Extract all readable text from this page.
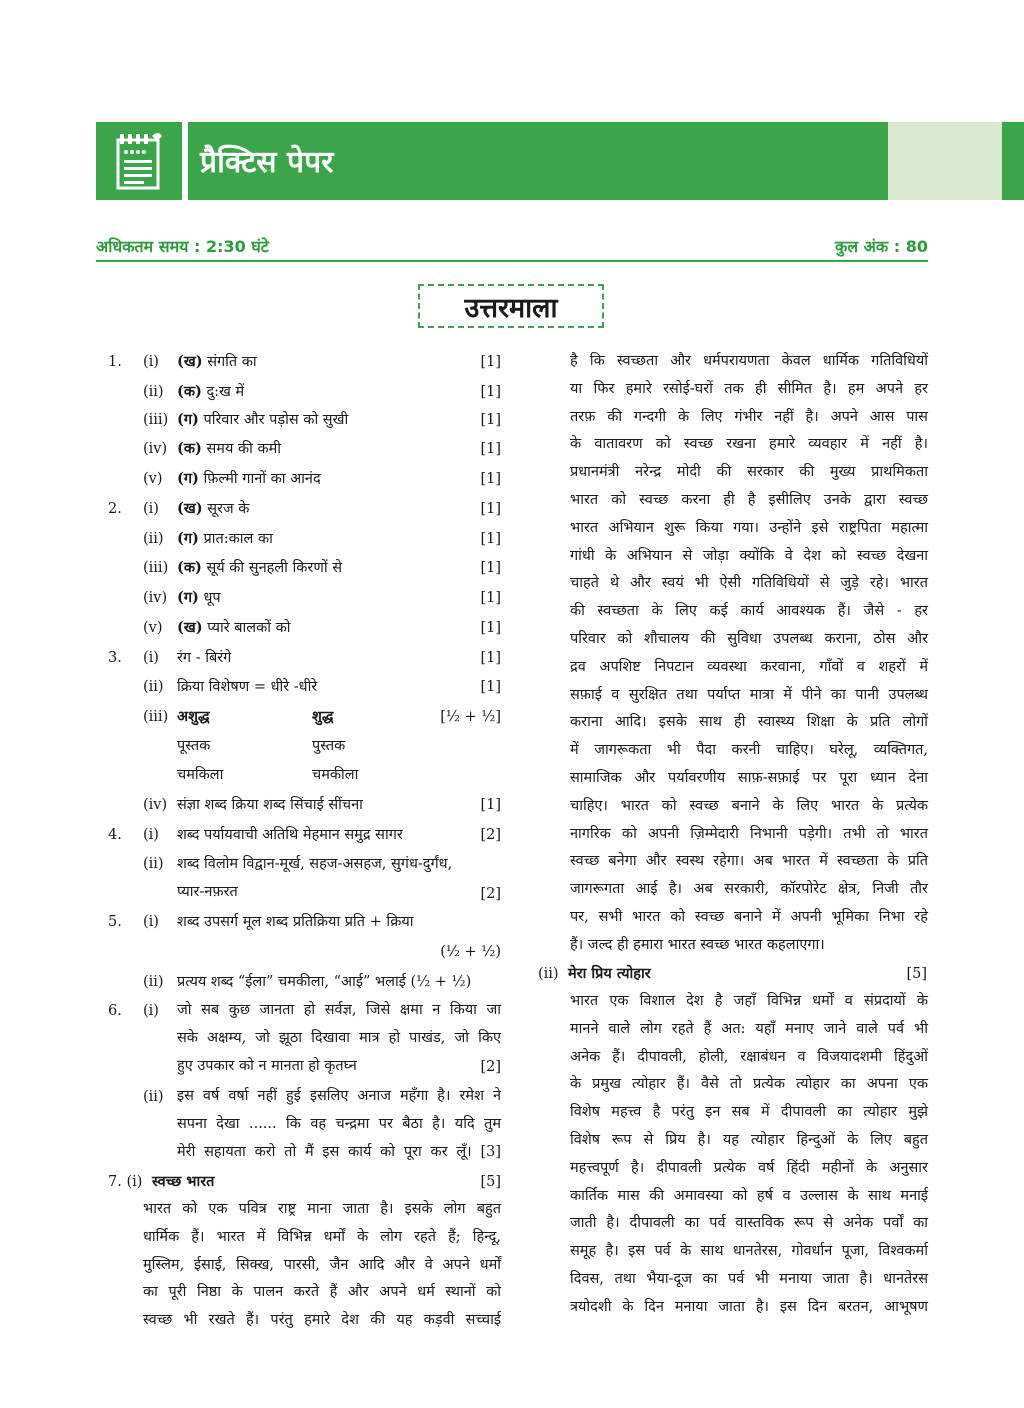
प्रैक्टिस पेपर
अधिकतम समय : 2:30 घंटे	कुल अंक : 80
उत्तरमाला
1. (i) (ख) संगति का	[1]
(ii) (क) दु:ख में	[1]
(iii) (ग) परिवार और पड़ोस को सुखी	[1]
(iv) (क) समय की कमी	[1]
(v) (ग) फ़िल्मी गानों का आनंद	[1]
2. (i) (ख) सूरज के	[1]
(ii) (ग) प्रात:काल का	[1]
(iii) (क) सूर्य की सुनहली किरणों से	[1]
(iv) (ग) धूप	[1]
(v) (ख) प्यारे बालकों को	[1]
3. (i) रंग - बिरंगे	[1]
(ii) क्रिया विशेषण = धीरे -धीरे	[1]
(iii) अशुद्ध	शुद्ध	[½ + ½]
पूस्तक	पुस्तक
चमकिला	चमकीला
(iv) संज्ञा शब्द क्रिया शब्द सिंचाई सींचना	[1]
4. (i) शब्द पर्यायवाची अतिथि मेहमान समुद्र सागर	[2]
(ii) शब्द विलोम विद्वान-मूर्ख, सहज-असहज, सुगंध-दुर्गंध,
प्यार-नफ़रत	[2]
5. (i) शब्द उपसर्ग मूल शब्द प्रतिक्रिया प्रति + क्रिया
(½ + ½)
(ii) प्रत्यय शब्द “ईला” चमकीला, “आई” भलाई (½ + ½)
6. (i) जो सब कुछ जानता हो सर्वज्ञ, जिसे क्षमा न किया जा
सके अक्षम्य, जो झूठा दिखावा मात्र हो पाखंड, जो किए
हुए उपकार को न मानता हो कृतघ्न	[2]
(ii) इस वर्ष वर्षा नहीं हुई इसलिए अनाज महँगा है। रमेश ने
सपना देखा ...... कि वह चन्द्रमा पर बैठा है। यदि तुम
मेरी सहायता करो तो मैं इस कार्य को पूरा कर लूँ। [3]
7. (i) स्वच्छ भारत	[5]
भारत को एक पवित्र राष्ट्र माना जाता है। इसके लोग बहुत
धार्मिक हैं। भारत में विभिन्न धर्मों के लोग रहते हैं; हिन्दू,
मुस्लिम, ईसाई, सिक्ख, पारसी, जैन आदि और वे अपने धर्मों
का पूरी निष्ठा के पालन करते हैं और अपने धर्म स्थानों को
स्वच्छ भी रखते हैं। परंतु हमारे देश की यह कड़वी सच्चाई
है कि स्वच्छता और धर्मपरायणता केवल धार्मिक गतिविधियों
या फिर हमारे रसोई-घरों तक ही सीमित है। हम अपने हर
तरफ़ की गन्दगी के लिए गंभीर नहीं है। अपने आस पास
के वातावरण को स्वच्छ रखना हमारे व्यवहार में नहीं है।
प्रधानमंत्री नरेन्द्र मोदी की सरकार की मुख्य प्राथमिकता
भारत को स्वच्छ करना ही है इसीलिए उनके द्वारा स्वच्छ
भारत अभियान शुरू किया गया। उन्होंने इसे राष्ट्रपिता महात्मा
गांधी के अभियान से जोड़ा क्योंकि वे देश को स्वच्छ देखना
चाहते थे और स्वयं भी ऐसी गतिविधियों से जुड़े रहे। भारत
की स्वच्छता के लिए कई कार्य आवश्यक हैं। जैसे - हर
परिवार को शौचालय की सुविधा उपलब्ध कराना, ठोस और
द्रव अपशिष्ट निपटान व्यवस्था करवाना, गाँवों व शहरों में
सफ़ाई व सुरक्षित तथा पर्याप्त मात्रा में पीने का पानी उपलब्ध
कराना आदि। इसके साथ ही स्वास्थ्य शिक्षा के प्रति लोगों
में जागरूकता भी पैदा करनी चाहिए। घरेलू, व्यक्तिगत,
सामाजिक और पर्यावरणीय साफ़-सफ़ाई पर पूरा ध्यान देना
चाहिए। भारत को स्वच्छ बनाने के लिए भारत के प्रत्येक
नागरिक को अपनी ज़िम्मेदारी निभानी पड़ेगी। तभी तो भारत
स्वच्छ बनेगा और स्वस्थ रहेगा। अब भारत में स्वच्छता के प्रति
जागरूगता आई है। अब सरकारी, कॉरपोरेट क्षेत्र, निजी तौर
पर, सभी भारत को स्वच्छ बनाने में अपनी भूमिका निभा रहे
हैं। जल्द ही हमारा भारत स्वच्छ भारत कहलाएगा।
(ii) मेरा प्रिय त्योहार	[5]
भारत एक विशाल देश है जहाँ विभिन्न धर्मों व संप्रदायों के
मानने वाले लोग रहते हैं अत: यहाँ मनाए जाने वाले पर्व भी
अनेक हैं। दीपावली, होली, रक्षाबंधन व विजयादशमी हिंदुओं
के प्रमुख त्योहार हैं। वैसे तो प्रत्येक त्योहार का अपना एक
विशेष महत्त्व है परंतु इन सब में दीपावली का त्योहार मुझे
विशेष रूप से प्रिय है। यह त्योहार हिन्दुओं के लिए बहुत
महत्त्वपूर्ण है। दीपावली प्रत्येक वर्ष हिंदी महीनों के अनुसार
कार्तिक मास की अमावस्या को हर्ष व उल्लास के साथ मनाई
जाती है। दीपावली का पर्व वास्तविक रूप से अनेक पर्वों का
समूह है। इस पर्व के साथ धानतेरस, गोवर्धान पूजा, विश्वकर्मा
दिवस, तथा भैया-दूज का पर्व भी मनाया जाता है। धानतेरस
त्रयोदशी के दिन मनाया जाता है। इस दिन बरतन, आभूषण
